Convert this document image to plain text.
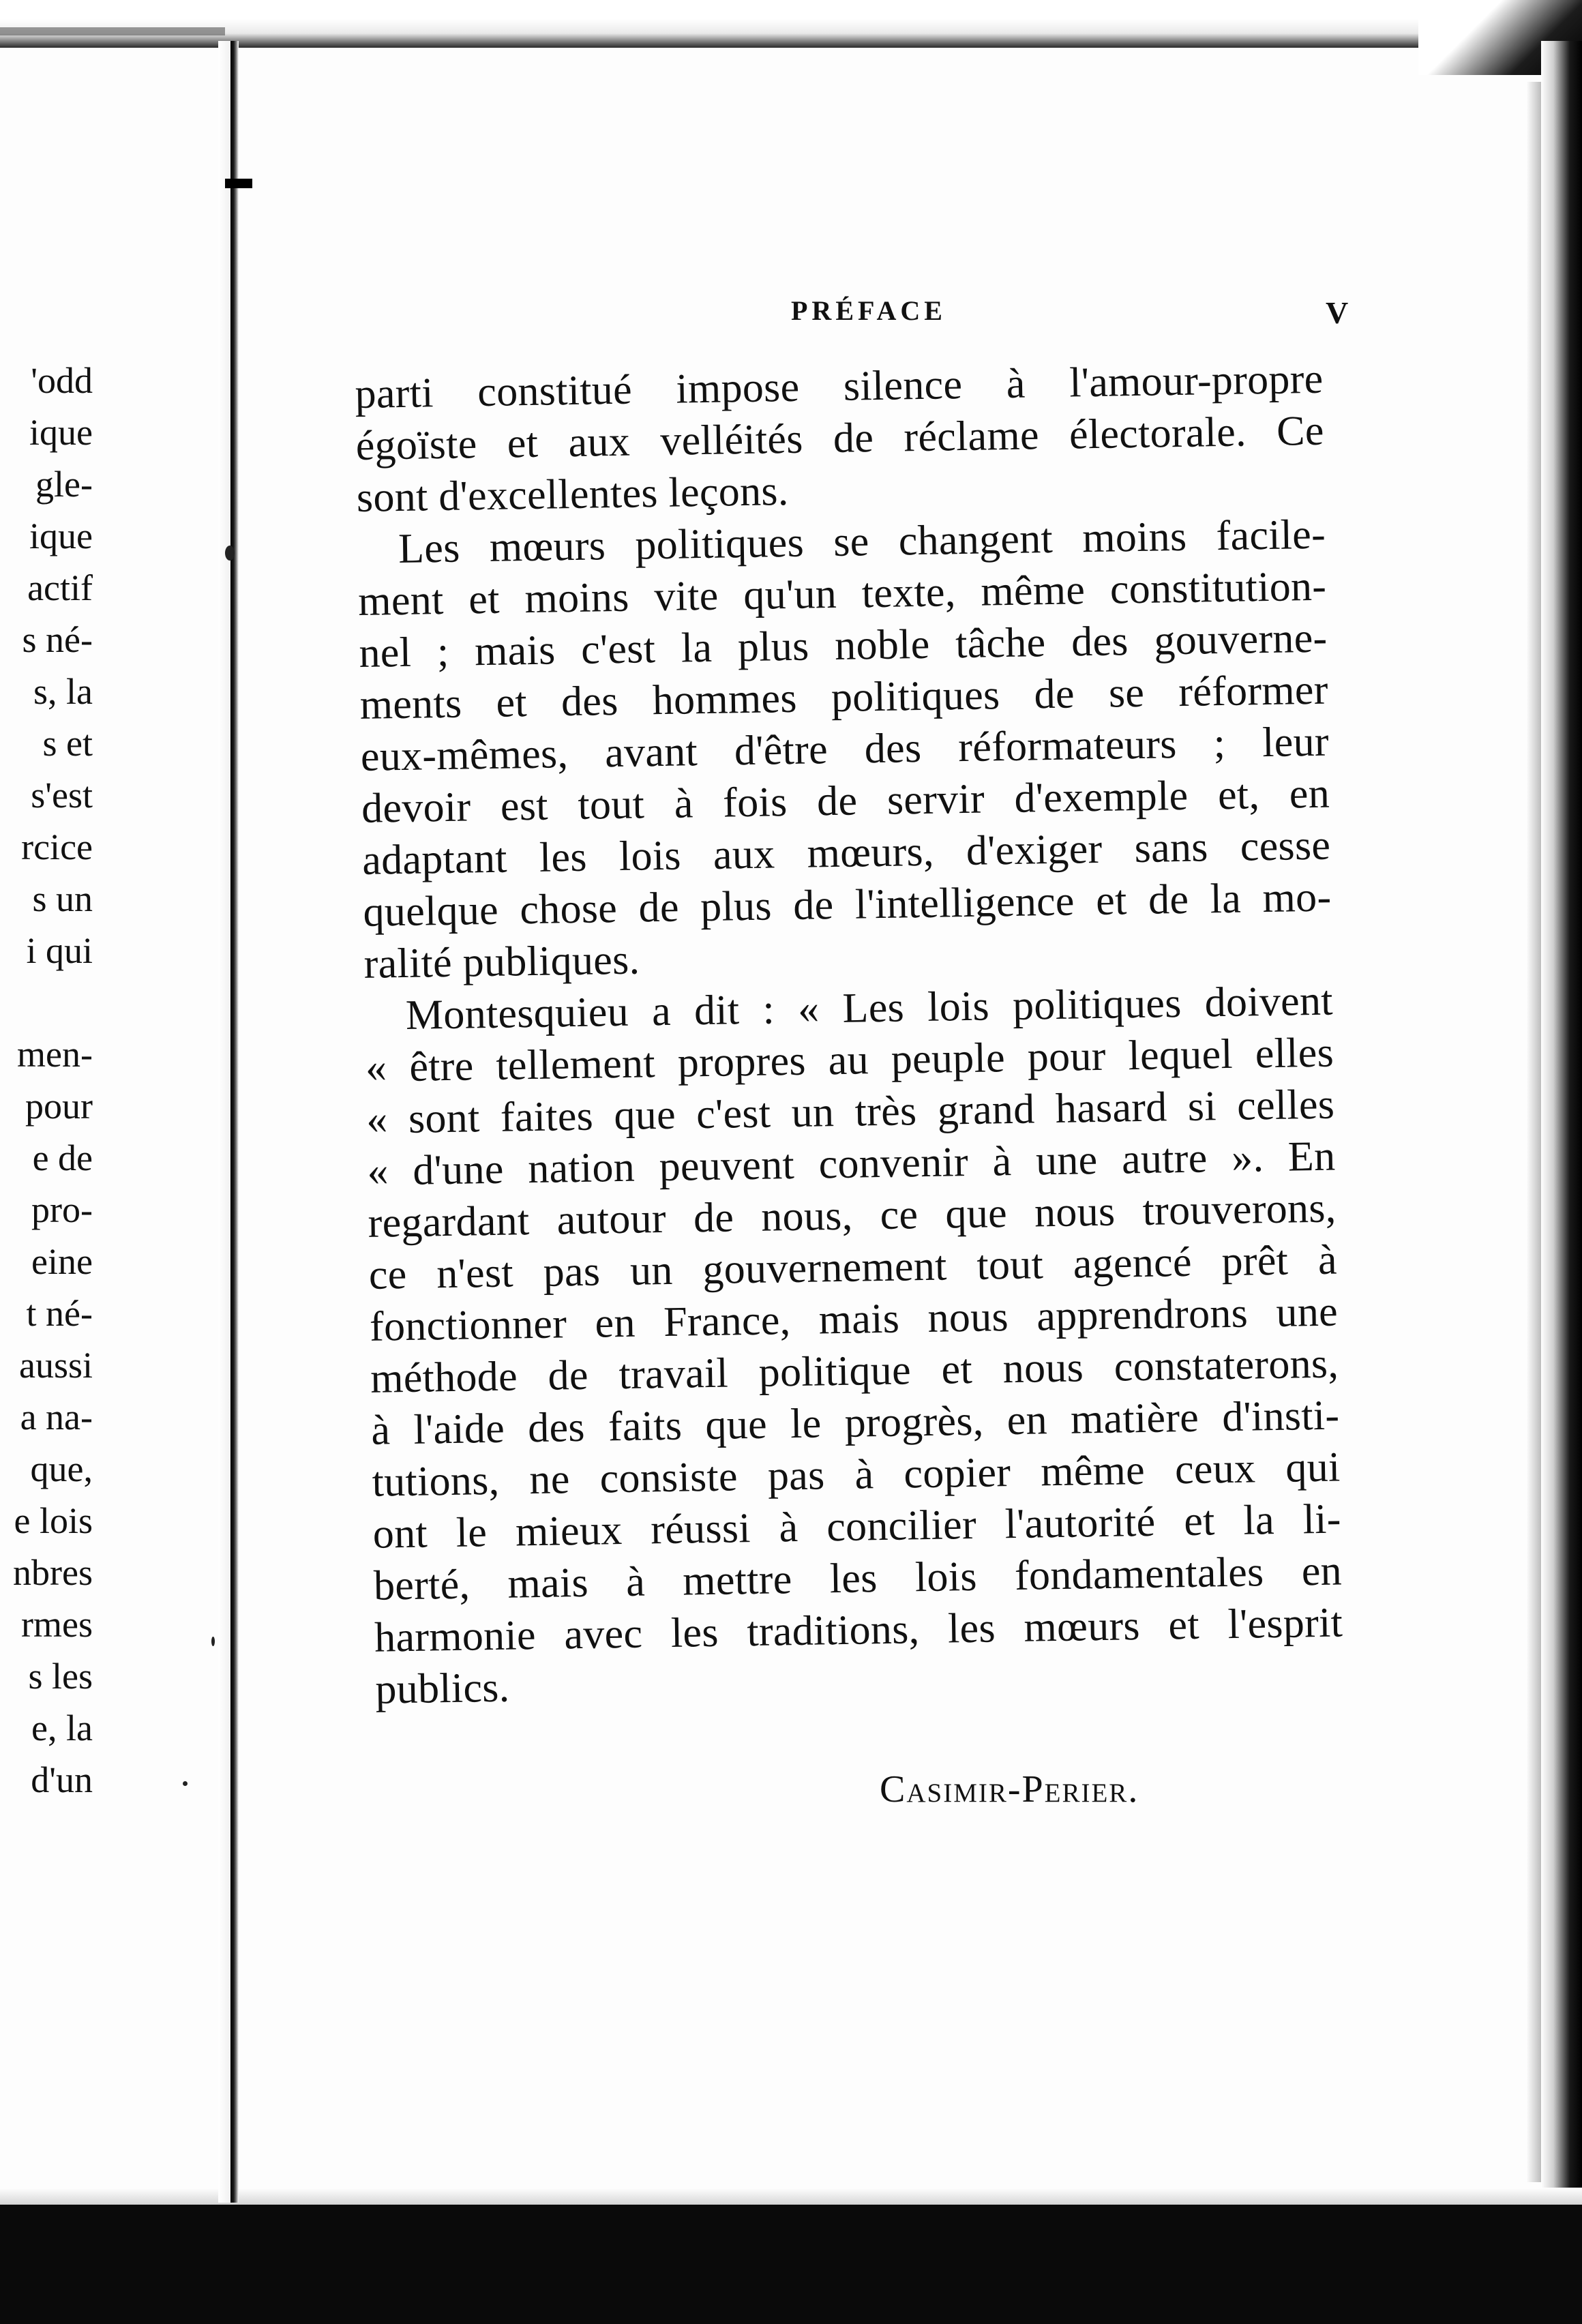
'odd
ique
gle-
ique
actif
s né-
s, la
s et
s'est
rcice
s un
i qui
men-
pour
e de
pro-
eine
t né-
aussi
a na-
que,
e lois
nbres
rmes
s les
e, la
d'un
PRÉFACE	V
parti constitué impose silence à l'amour-propre
égoïste et aux velléités de réclame électorale. Ce
sont d'excellentes leçons.
Les mœurs politiques se changent moins facile-
ment et moins vite qu'un texte, même constitution-
nel ; mais c'est la plus noble tâche des gouverne-
ments et des hommes politiques de se réformer
eux-mêmes, avant d'être des réformateurs ; leur
devoir est tout à fois de servir d'exemple et, en
adaptant les lois aux mœurs, d'exiger sans cesse
quelque chose de plus de l'intelligence et de la mo-
ralité publiques.
Montesquieu a dit : « Les lois politiques doivent
« être tellement propres au peuple pour lequel elles
« sont faites que c'est un très grand hasard si celles
« d'une nation peuvent convenir à une autre ». En
regardant autour de nous, ce que nous trouverons,
ce n'est pas un gouvernement tout agencé prêt à
fonctionner en France, mais nous apprendrons une
méthode de travail politique et nous constaterons,
à l'aide des faits que le progrès, en matière d'insti-
tutions, ne consiste pas à copier même ceux qui
ont le mieux réussi à concilier l'autorité et la li-
berté, mais à mettre les lois fondamentales en
harmonie avec les traditions, les mœurs et l'esprit
publics.
Casimir-Perier.
